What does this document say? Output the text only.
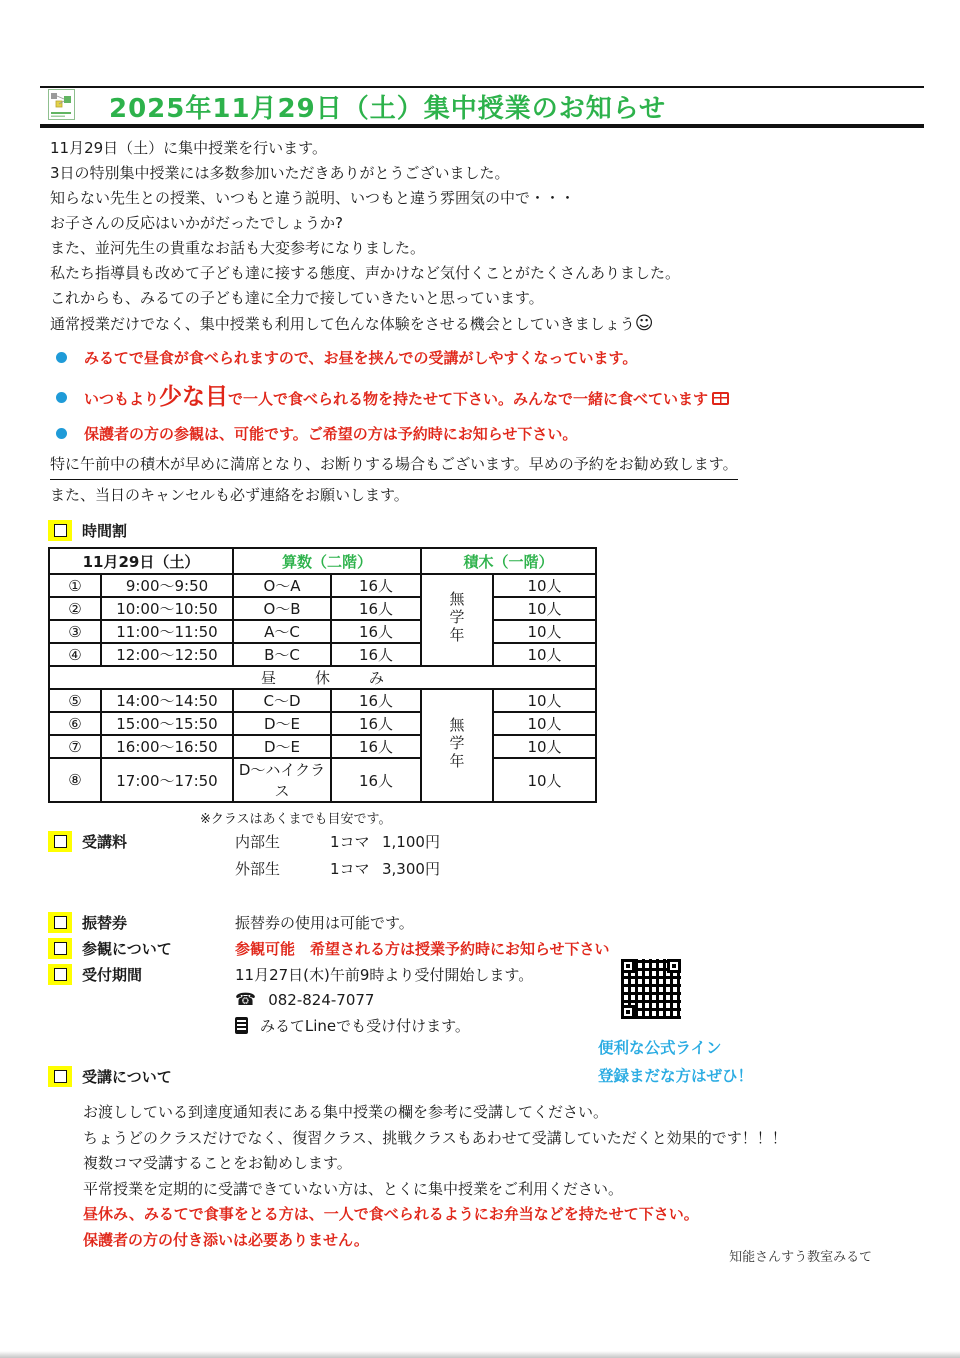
2025年11月29日（土）集中授業のお知らせ

11月29日（土）に集中授業を行います。

3日の特別集中授業には多数参加いただきありがとうございました。

知らない先生との授業、いつもと違う説明、いつもと違う雰囲気の中で・・・

お子さんの反応はいかがだったでしょうか?

また、並河先生の貴重なお話も大変参考になりました。

私たち指導員も改めて子ども達に接する態度、声かけなど気付くことがたくさんありました。

これからも、みるての子ども達に全力で接していきたいと思っています。

通常授業だけでなく、集中授業も利用して色んな体験をさせる機会としていきましょう☺

みるてで昼食が食べられますので、お昼を挟んでの受講がしやすくなっています。
いつもより少な目で一人で食べられる物を持たせて下さい。みんなで一緒に食べています
保護者の方の参観は、可能です。ご希望の方は予約時にお知らせ下さい。

特に午前中の積木が早めに満席となり、お断りする場合もございます。早めの予約をお勧め致します。

また、当日のキャンセルも必ず連絡をお願いします。

時間割
11月29日（土）		算数（二階）		積木（一階）	
①	9:00～9:50	O～A	16人	無学年	10人
②	10:00～10:50	O～B	16人		10人
③	11:00～11:50	A～C	16人		10人
④	12:00～12:50	B～C	16人		10人
昼　休　み					
⑤	14:00～14:50	C～D	16人	無学年	10人
⑥	15:00～15:50	D～E	16人		10人
⑦	16:00～16:50	D～E	16人		10人
⑧	17:00～17:50	D～ハイクラス	16人		10人
※クラスはあくまでも目安です。
受講料	内部生	1コマ 1,100円
外部生	1コマ 3,300円
振替券	振替券の使用は可能です。
参観について	参観可能　希望される方は授業予約時にお知らせ下さい
受付期間	11月27日(木)午前9時より受付開始します。
☎ 082-824-7077
みるてLineでも受け付けます。

便利な公式ライン

登録まだな方はぜひ！

受講について

お渡ししている到達度通知表にある集中授業の欄を参考に受講してください。

ちょうどのクラスだけでなく、復習クラス、挑戦クラスもあわせて受講していただくと効果的です！！！

複数コマ受講することをお勧めします。

平常授業を定期的に受講できていない方は、とくに集中授業をご利用ください。

昼休み、みるてで食事をとる方は、一人で食べられるようにお弁当などを持たせて下さい。

保護者の方の付き添いは必要ありません。

知能さんすう教室みるて
